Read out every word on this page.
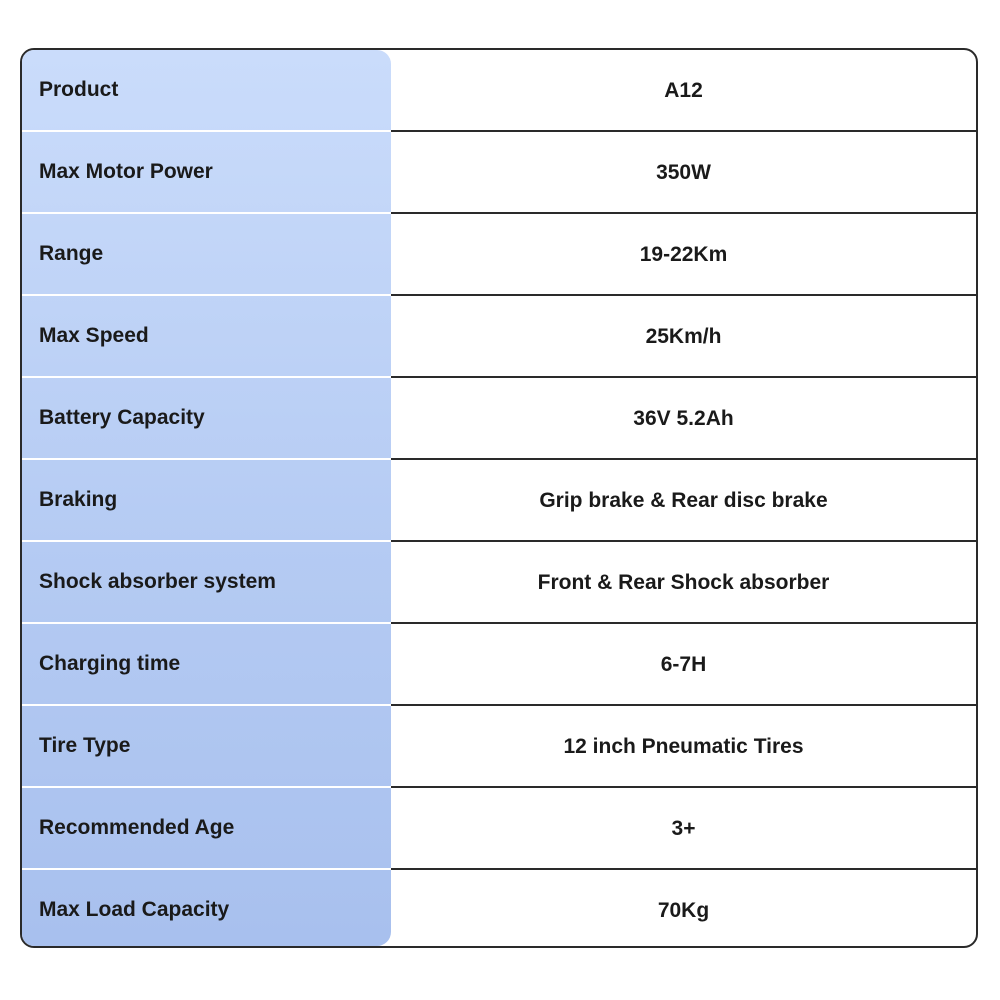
Product	A12
Max Motor Power	350W
Range	19-22Km
Max Speed	25Km/h
Battery Capacity	36V 5.2Ah
Braking	Grip brake & Rear disc brake
Shock absorber system	Front & Rear Shock absorber
Charging time	6-7H
Tire Type	12 inch Pneumatic Tires
Recommended Age	3+
Max Load Capacity	70Kg
